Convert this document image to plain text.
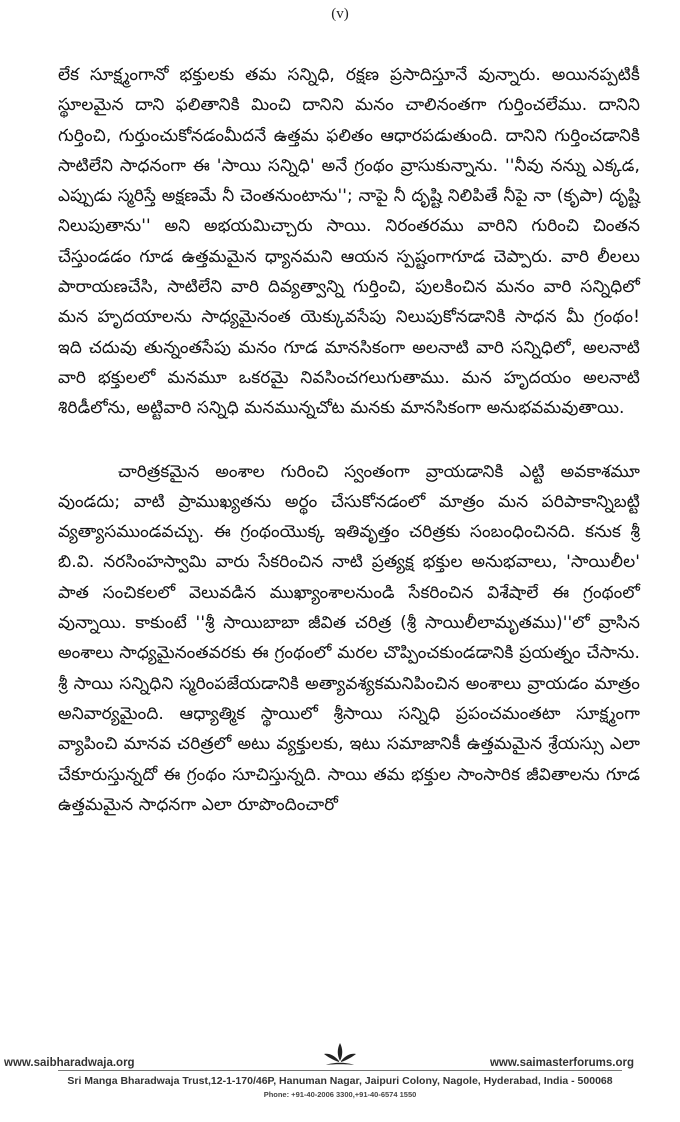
(v)

లేక సూక్ష్మంగానో భక్తులకు తమ సన్నిధి, రక్షణ ప్రసాదిస్తూనే వున్నారు. అయినప్పటికీ స్థూలమైన దాని ఫలితానికి మించి దానిని మనం చాలినంతగా గుర్తించలేము. దానిని గుర్తించి, గుర్తుంచుకోనడంమీదనే ఉత్తమ ఫలితం ఆధారపడుతుంది. దానిని గుర్తించడానికి సాటిలేని సాధనంగా ఈ 'సాయి సన్నిధి' అనే గ్రంథం వ్రాసుకున్నాను. ''నీవు నన్ను ఎక్కడ, ఎప్పుడు స్మరిస్తే అక్షణమే నీ చెంతనుంటాను''; నాపై నీ దృష్టి నిలిపితే నీపై నా (కృపా) దృష్టి నిలుపుతాను'' అని అభయమిచ్చారు సాయి. నిరంతరము వారిని గురించి చింతన చేస్తుండడం గూడ ఉత్తమమైన ధ్యానమని ఆయన స్పష్టంగాగూడ చెప్పారు. వారి లీలలు పారాయణచేసి, సాటిలేని వారి దివ్యత్వాన్ని గుర్తించి, పులకించిన మనం వారి సన్నిధిలో మన హృదయాలను సాధ్యమైనంత యెక్కువసేపు నిలుపుకోనడానికి సాధన మీ గ్రంథం! ఇది చదువు తున్నంతసేపు మనం గూడ మానసికంగా అలనాటి వారి సన్నిధిలో, అలనాటి వారి భక్తులలో మనమూ ఒకరమై నివసించగలుగుతాము. మన హృదయం అలనాటి శిరిడీలోను, అట్టివారి సన్నిధి మనమున్నచోట మనకు మానసికంగా అనుభవమవుతాయి.

చారిత్రకమైన అంశాల గురించి స్వంతంగా వ్రాయడానికి ఎట్టి అవకాశమూ వుండదు; వాటి ప్రాముఖ్యతను అర్థం చేసుకోనడంలో మాత్రం మన పరిపాకాన్నిబట్టి వ్యత్యాసముండవచ్చు. ఈ గ్రంథంయొక్క ఇతివృత్తం చరిత్రకు సంబంధించినది. కనుక శ్రీ బి.వి. నరసింహస్వామి వారు సేకరించిన నాటి ప్రత్యక్ష భక్తుల అనుభవాలు, 'సాయిలీల' పాత సంచికలలో వెలువడిన ముఖ్యాంశాలనుండి సేకరించిన విశేషాలే ఈ గ్రంథంలో వున్నాయి. కాకుంటే ''శ్రీ సాయిబాబా జీవిత చరిత్ర (శ్రీ సాయిలీలామృతము)''లో వ్రాసిన అంశాలు సాధ్యమైనంతవరకు ఈ గ్రంథంలో మరల చొప్పించకుండడానికి ప్రయత్నం చేసాను. శ్రీ సాయి సన్నిధిని స్మరింపజేయడానికి అత్యావశ్యకమనిపించిన అంశాలు వ్రాయడం మాత్రం అనివార్యమైంది. ఆధ్యాత్మిక స్థాయిలో శ్రీసాయి సన్నిధి ప్రపంచమంతటా సూక్ష్మంగా వ్యాపించి మానవ చరిత్రలో అటు వ్యక్తులకు, ఇటు సమాజానికీ ఉత్తమమైన శ్రేయస్సు ఎలా చేకూరుస్తున్నదో ఈ గ్రంథం సూచిస్తున్నది. సాయి తమ భక్తుల సాంసారిక జీవితాలను గూడ ఉత్తమమైన సాధనగా ఎలా రూపొందించారో

www.saibharadwaja.org	www.saimasterforums.org
Sri Manga Bharadwaja Trust,12-1-170/46P, Hanuman Nagar, Jaipuri Colony, Nagole, Hyderabad, India - 500068
Phone: +91-40-2006 3300,+91-40-6574 1550
